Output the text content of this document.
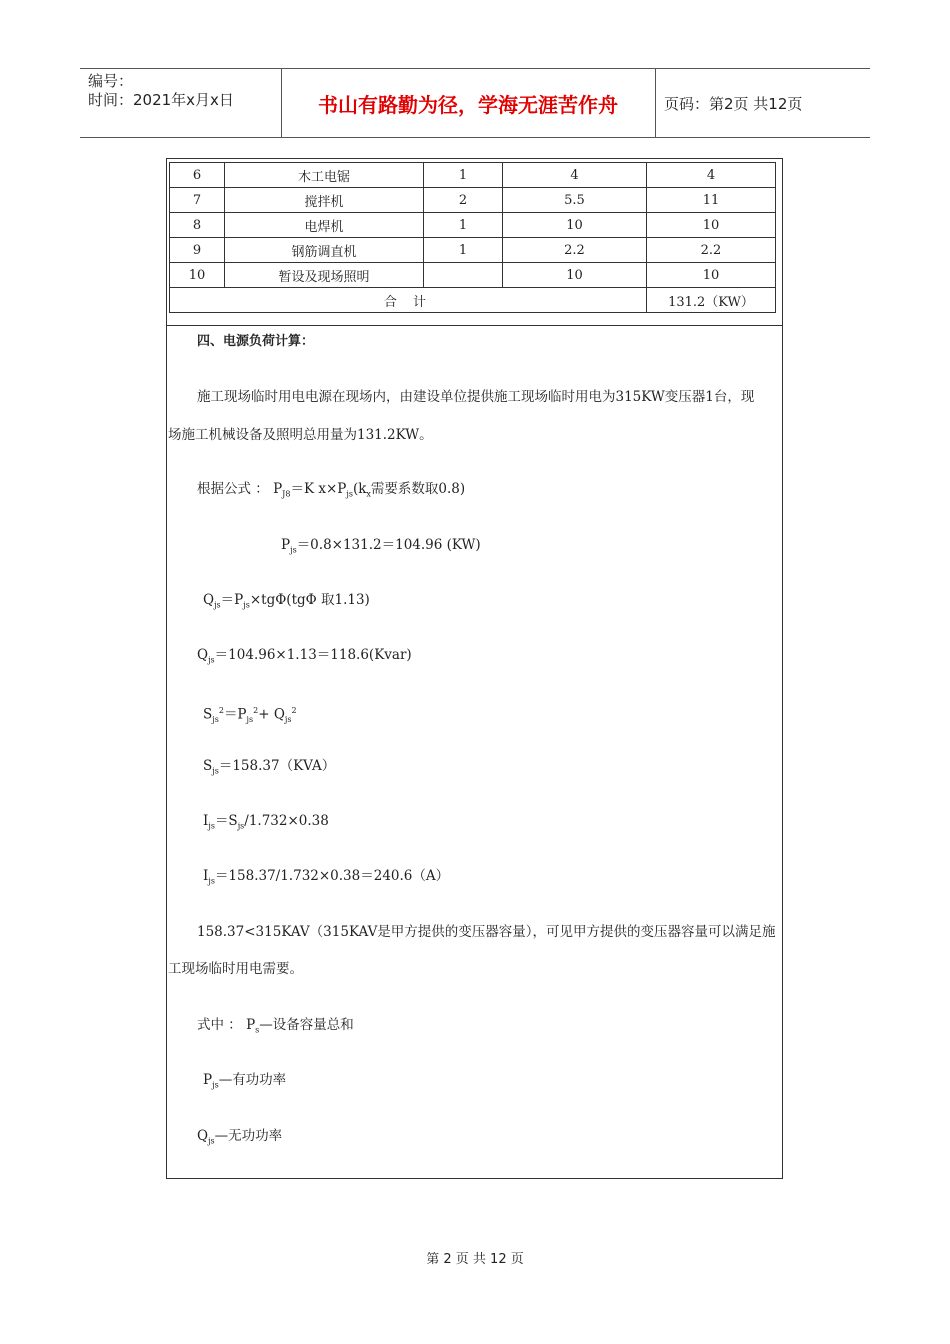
编号：
时间：2021年x月x日	书山有路勤为径，学海无涯苦作舟	页码：第2页 共12页
6	木工电锯	1	4	4
7	搅拌机	2	5.5	11
8	电焊机	1	10	10
9	钢筋调直机	1	2.2	2.2
10	暂设及现场照明		10	10
合 计				131.2（KW）
四、电源负荷计算：
施工现场临时用电电源在现场内，由建设单位提供施工现场临时用电为315KW变压器1台，现
场施工机械设备及照明总用量为131.2KW。
根据公式 ： $P_{J8}=K$ $x\times P_{js}(k_x$需要系数取0.8)
$P_{js}=0.8\times 131.2=104.96$ (KW)
$Q_{js}=P_{js}\times tg\Phi(tg\Phi$ 取1.13)
$Q_{js}=104.96\times 1.13=118.6(Kvar)$
$S_{js}^2=P_{js}^2+ Q_{js}^2$
$S_{js}=158.37(KVA)$
$I_{js}=S_{js}/1.732\times 0.38$
$I_{js}=158.37/1.732\times 0.38=240.6(A)$
158.37<315KAV（315KAV是甲方提供的变压器容量），可见甲方提供的变压器容量可以满足施
工现场临时用电需要。
式中 ： $P_s—$设备容量总和
$P_{js}—$有功功率
$Q_{js}—$无功功率
第 2 页 共 12 页
